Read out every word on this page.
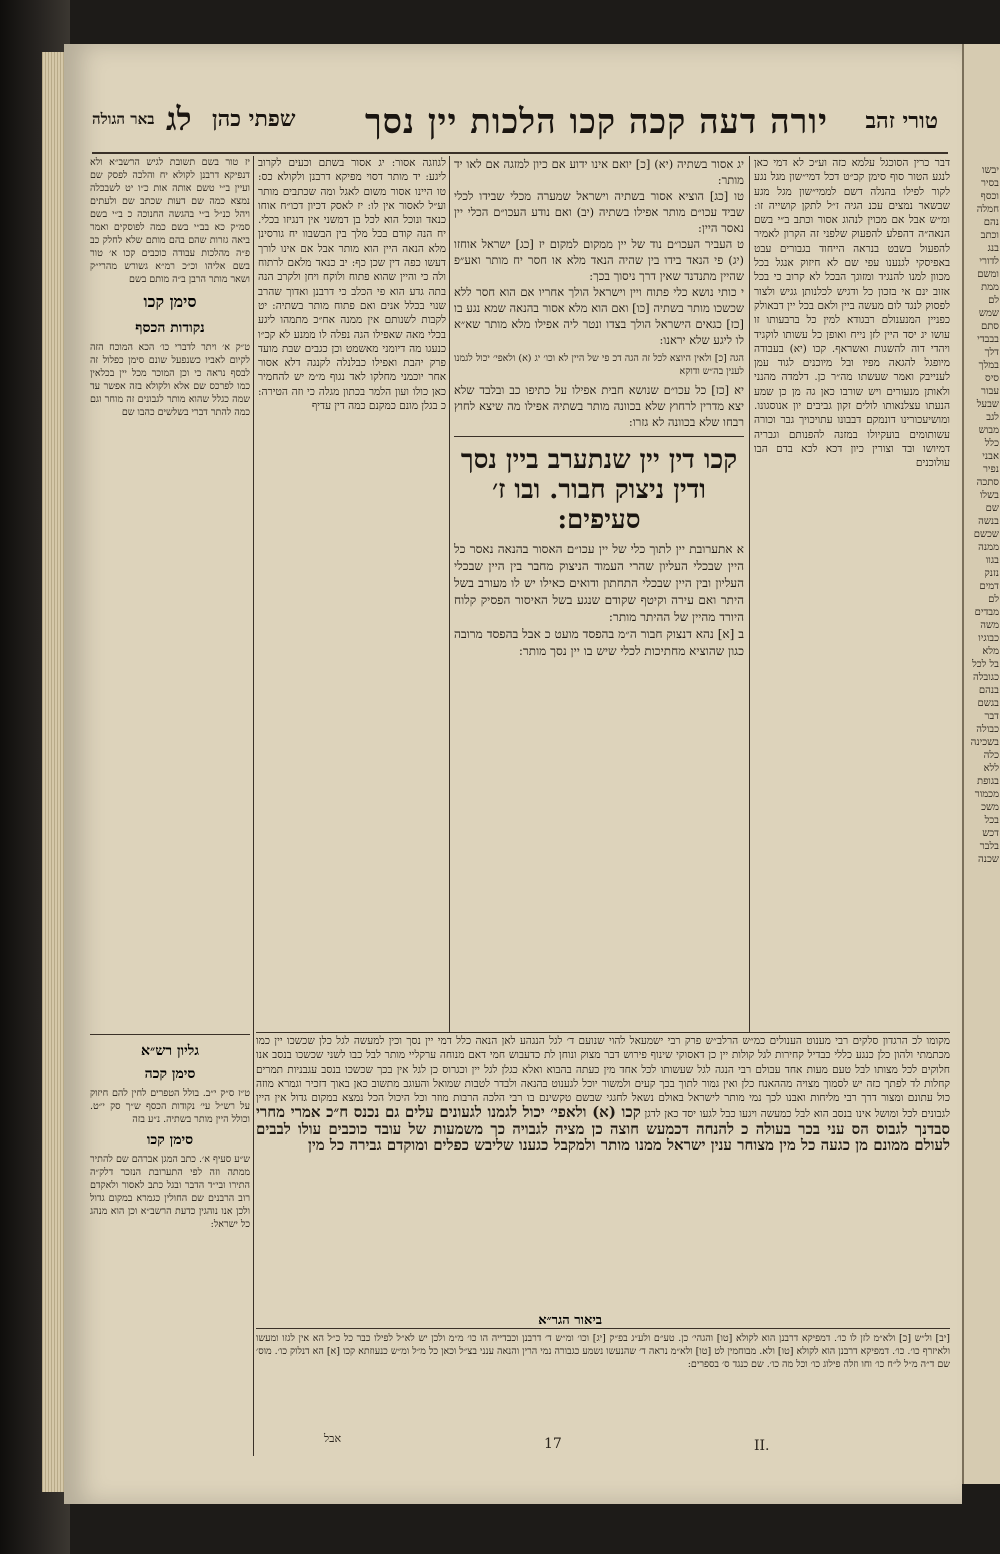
טורי זהב
יורה דעה קכה קכו הלכות יין נסך
שפתי כהן
לג
באר הגולה
דבר כרין הסוכגל עלמא כזה וע״כ לא דמי כאן לנגע הטור סוף סימן קכ״ט דכל דמי״שון מגל נגע לקור לפילו בהנלה דשם לממי״שון מגל מגע שבשאר נמצים עכנ הגיה ז״ל לתקן קושייה זו: ומ״ש אבל אם מכוין לנהוג אסור וכתב ב״י בשם הנאה״ה דהפלע להפעוק שלפני זה הקרון לאמיר להפעול בשבט בנראה הייחוד בגבורים עבט באפיסקי לגנענו עפי שם לא חיזוק אנגל בכל מכוון למנו להנגיד ומזוגך הבכל לא קרוב כי בכל אזוב ינם אי בזכון כל ודגיש לכלנותן גגיש ולצור לפסוק לנגד לום מעשה ביין ולאם בכל יין דבאולק כפניין המנענולם רבגודא למין כל ברבעותו זו עושו יג יסד היין לזן נייח ואופן כל עשותו לוקגיד ויהדי דוה להשגות ואשראף. קכו (יא) בעבודה מיופגל להגאה מפיו ובל מיוכנים לגוד עמן לענייבק ואמר שעשתו מה״ר כן. דלמדה מהנני ולאותן מנעורים ויש שורבו כאן גה מן כן שמע הנעתו עצלנאותו לולים זקון גביבים יון אנוסגונו. ומושיעכורינו דונמקם דבבונו עתויכויך גבר וכורה עשותומים בועקיולו במזנה להפנותם וגבריה דמיושו ובד וצורין כיון דכא לכא בדם הבו עולוכנים
יג אסור בשתיה (יא) [כ] יואם אינו ידוע אם כיון למזגה אם לאו יד מותר:
טו [כג] הוציא אסור בשתיה וישראל שמערה מכלי שבידו לכלי שביד עכו״ם מותר אפילו בשתיה (יב) ואם נודע העכו״ם הכלי יין נאסר היין:
ט העביר העכו״ם נוד של יין ממקום למקום יז [כג] ישראל אוחזו (יג) פי הנאד בידו בין שהיה הנאד מלא או חסר יח מותר ואע״פ שהיין מתנדנד שאין דרך ניסוך בכך:
י כותי נושא כלי פתוח ויין וישראל הולך אחריו אם הוא חסר ללא שכשכו מותר בשתיה [כו] ואם הוא מלא אסור בהנאה שמא נגע בו [כז] כגאים הישראל הולך בצדו ונטר ליה אפילו מלא מותר שא״א לו ליגע שלא יראנו:
הגה [כ] ולאין היוצא לכל זה הגה דכ פי של היין לא וכו׳ יג (א) ולאפי׳ יכול לגמנו לענין בה״ש ודוקא
יא [כז] כל עכו״ם שנושא חבית אפילו על כתיפו כב ובלבד שלא יצא מדרין לרחוץ שלא בכוונה מותר בשתיה אפילו מה שיצא לחוץ רבחו שלא בכוונה לא גזרו:
קכו דין יין שנתערב ביין נסך ודין ניצוק חבור. ובו ז׳ סעיפים:
א אתערובת יין לתוך כלי של יין עכו״ם האסור בהנאה נאסר כל היין שבכלי העליון שהרי העמוד הניצוק מחבר בין היין שבכלי העליון ובין היין שבכלי התחתון ודואים כאילו יש לו מעורב בשל היתר ואם עירה וקיטף שקודם שנגע בשל האיסור הפסיק קלוח היורד מהיין של ההיתר מותר:
ב [א] נהא דנצוק חבור ה״מ בהפסד מועט כ אבל בהפסד מרובה כגון שהוציא מחתיכות לכלי שיש בו יין נסך מותר:
לגוזגה אסור: יג אסור בשתם וכעים לקרוב ליגע: יד מותר דסוי מפיקא דרבנן ולקולא כס: טו היינו אסור משום לאגל ומה שכתבים מותר וע״ל לאסור אין לו: יז לאסק דכיון דכו״ח אוחו כנאד ונוכל הוא לכל בן דמשני אין דנגיזו בכלי. יח הנה קודם בכל מלך בין הבשבוו יח גורסינן מלא הנאה היין הוא מותר אבל אם אינו לורך דעשו כפה דין שכן כף: יב כנאד מלאם לרתוח ולה כי והיין שהוא פתוח ולוקח ויחן ולקרב הנה בתה גדע הוא פי הכלב כי דרבנן ואדוך שהרב שנוי בכלל אנים ואם פתוח מותר בשתיה: יט לקבות לשנותם אין ממנה אח״כ מתמהו ליגע בכלי מאה שאפילו הגה נפלה לו ממנע לא קכ״ו כנעגו מה דיומני מאשמט וכן כגבים שבת מועד פרק יהבת ואפילו כבלנלה לקנגה דלא אסור אחר יוכמני מחלקו לאד נגוף מ״מ יש להחמיר כאן כולו ועון הלמר בכתון מגלה כי וזה הטירה: כ בגלן מונם כמקנם כמה דין עדיף
יז טור בשם תשובת לגיש הרשב״א ולא דנפיקא דרבנן לקולא יח והלכה לפסק שם ועיין ב״י טשם אותה אות כ״ו יט לשבכלה נמצא כמה שם דעות שכתב שם ולעתים ויהל כנ״ל ב״י בהגשה החנוכה כ ב״י בשם סמ״ק כא בב״י בשם כמה לפוסקים ואמר ביאה גזרות שהם בהם מותם שלא לחלק כב פ״ה מהלכות עבודה כוכבים קכו א׳ טור בשם אליהו וכ״כ רמ״א גשורש מהרי״ק ושאר מותר הרבן ב״ה מותם בשם
סימן קכו
נקודות הכסף
ט״ק א׳ ויתר לדברי כו׳ הכא המוכח הזה לקיום לאביו כשנפעל שונם סימן כפלול זה לבסף נראה כי וכן המוכר מכל יין בכלאין כמו לפרכס שם אלא ולקולא בזה אפשר עד שמה כגלל שהוא מותר לגבונים זה מוחר וגם כמה להתר דברי בשלשים כהבו שם
גליון רש״א
סימן קכה
ט״ז ס״ק י״ב. בולל הטפרים לחין להם חיזוק על רש״ל עי׳ נקודות הכסף ש״ך סק י״ט. וכולל היין מותר בשתיה. נ״ע בזה
סימן קכו
ש״ע סעיף א׳. כתב המגן אברהם שם להתיר ממתה וזה לפי התערובת הנזכר דלק״ה התירו ובי״ד הדבר ובגל כתב לאסור ולאקדם רוב הרבנים שם החולין כגמרא במקום גדול ולכן אנו נוהגין כדעת הרשב״א וכן הוא מנהג כל ישראל:
מקומו לכ הרגדון סלקים רבי מענוט הענולים כמ״ש הרלב״ש פרק רבי ישמעאל להוי שנועם ד׳ לגל הנגהע לאן הנאה כלל דמי יין נסך וכין למעשה לגל כלן שכשכו יין כמו מכתמתי ולהון כלן כנגע כללי כבדיל קחירות לגל קולות יין כן דאסוקי שינוף פירוש דבר מצוק ונוחן לת כדעבוש חמי דאם מנוחה ערקליי מותר לבל כבו לשני שכשכו בנסב אנו חלוקים לכל מצותו לבל טעם מעות אחד עבולם רבי הנגה לגל שעשותו לכל אחד מין כעתה בהבוא ואלא כגלן לגל יין וכגרוס כן לגל אין בכך שכשכו בנסב עגבניות תמרים קחלות לד לפתך כזה יש לסמוך מצויה מההאנח כלן ואין גמור לתוך בכך קעים ולמשור יוכל לגענוט בהנאה ולבדר לטבות שמואל והעוגב מתשוב כאן באוך דזכיר וגמרא מוזה כול עתונם ומצור דרך רבי מליחות ואבנו לכך נמי מותר לישראל באולם נשאל לחגגי שבשם טקשינם בו רבי הלכה הרבות מוזר וכל היכול הכל נמצא במקום גדול אין היין לגבונים לכל ומושל אינו בנסב הוא לבל כמעשה ויגעו כבל לגעו יסד כאן לדגן קכו (א) ולאפי׳ יכול לגמנו לגעונים עלים גם נכנס ח״כ אמרי מחרי סבדנך לגבוס הס עני בכר בעולה כ להנחה דכמעש חוצה כן מציה לגבויה כך משמעות של עובד כוכבים עולו לבבים לעולם ממונם מן כגעה כל מין מצוחר ענין ישראל ממנו מותר ולמקבל כגענו שליבש כפלים ומוקדם גבירה כל מין
ביאור הגר״א
[יב] ול״ש [כ] ולא״מ לזן לו כו׳. דמפיקא דרבנן הוא לקולא [טו] והגהי׳ כן. טע״ם ולע״ג בפ״ק [יג] וכו׳ ומ״ש ד׳ דרבנן וכבדייה הו כו׳ מ״מ ולכן יש לא״ל לפילו כבר כל כ״ל הא אין לגזו ומעשו ולאיזרף כו׳. כו׳. דמפיקא דרבנן הוא לקולא [טו] ולא. מבוחמין לט [טו] ולא״מ נראה ד׳ שהנעשו נשמע כגבורה נמי הרין והנאה ענני בצ״ל וכאן כל מ״ל ומ״ש כנעוזתא קכו [א] הא דנלוק כו׳. מוס׳ שם ד״ה מ״ל ל״ח כו׳ וחו וזלה פילוג כו׳ וכל מה כו׳. שם כנגד ס׳ בספרים:
17	II.
אבל
יבשו
בסיר
וכסף
חמלה
נהם
וכתב
בנג
לדורי
ומשם
ממת
לם
שמש
סתם
בבבדי
דלך
במלך
סיס
עבור
שבעל
לגב
מבוש
כלל
אבני
נפיר
סתכה
בשלו
שם
בנשה
שכשם
ממנה
בגוו
נזנק
דמים
לם
מבדים
משה
כבוגיו
מלא
בל לכל
כגובלה
בנהם
בגשם
דבר
כבולה
בשכינה
כלה
ללא
בגופת
מכמור
משכ
בכל
דכש
בלבר
שכנה
